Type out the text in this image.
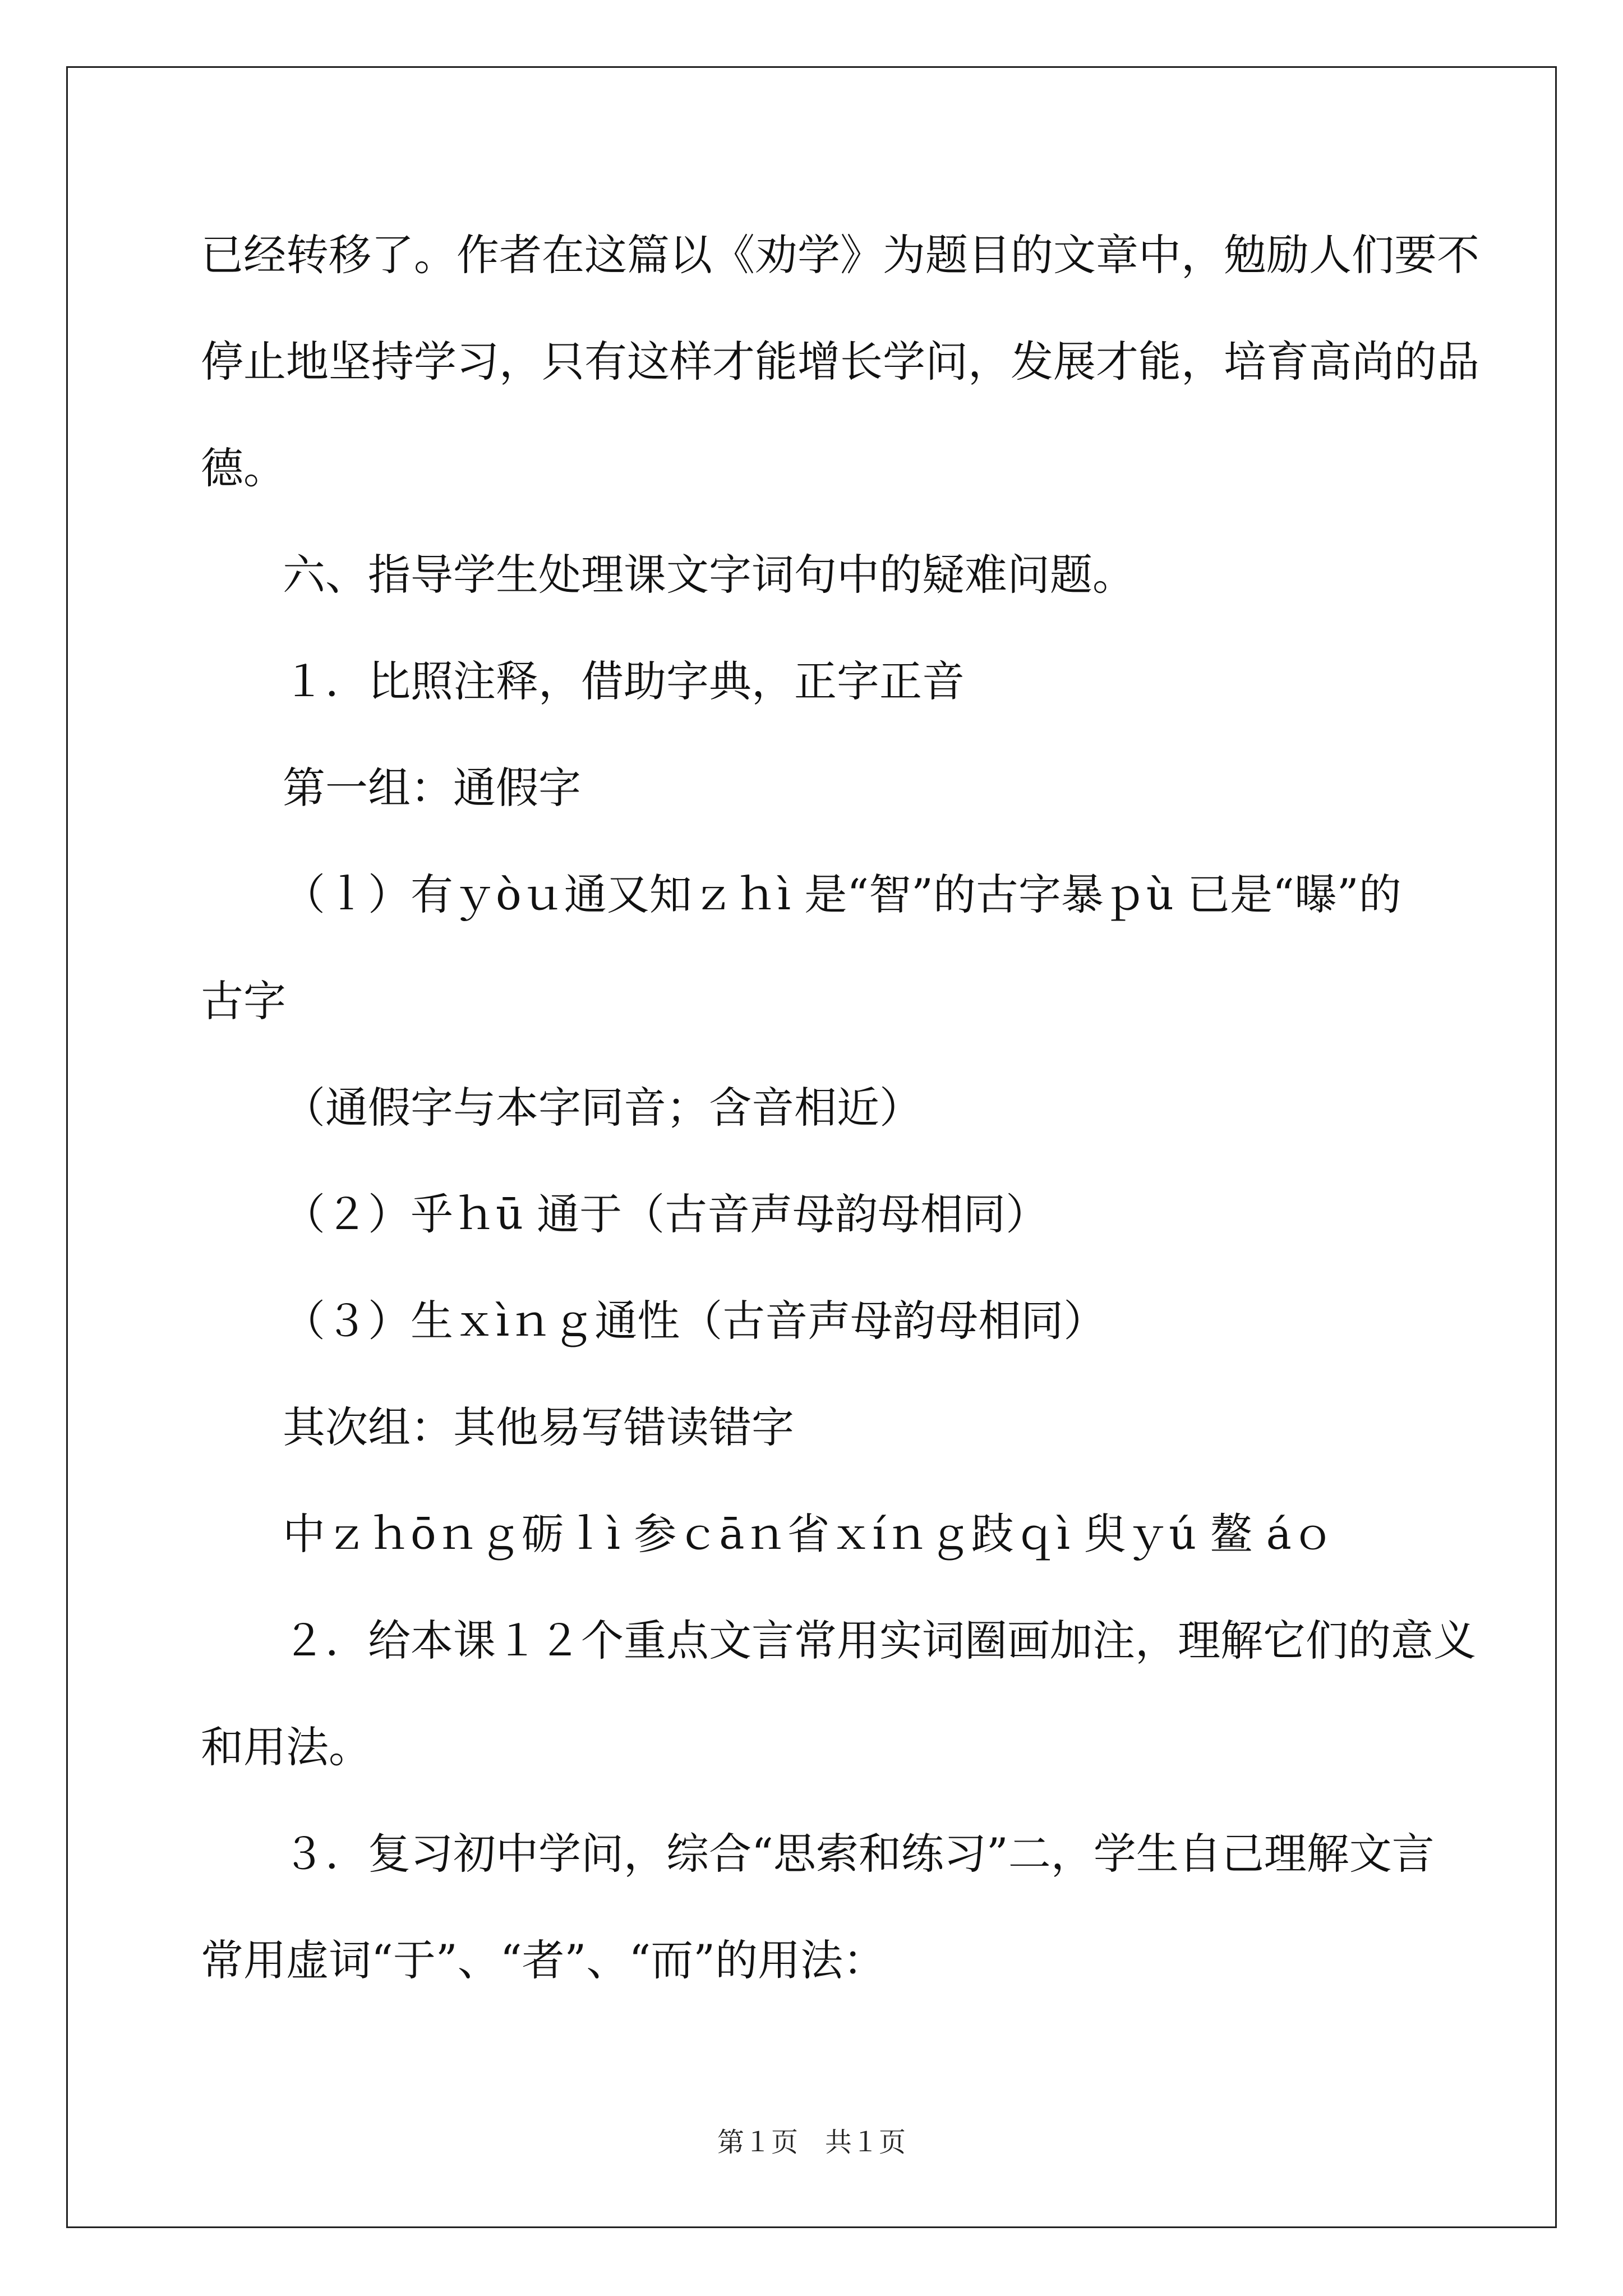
已经转移了。作者在这篇以《劝学》为题目的文章中，勉励人们要不
停止地坚持学习，只有这样才能增长学问，发展才能，培育高尚的品
德。
六、指导学生处理课文字词句中的疑难问题。
１．比照注释，借助字典，正字正音
第一组：通假字
（ｌ）有ｙòｕ通又知ｚｈì 是“智”的古字暴ｐù 已是“曝”的
古字
（通假字与本字同音；含音相近）
（２）乎ｈū 通于（古音声母韵母相同）
（３）生ｘìｎｇ通性（古音声母韵母相同）
其次组：其他易写错读错字
中ｚｈōｎｇ砺ｌì 参ｃāｎ省ｘíｎｇ跂ｑì 臾ｙú 鳌 áｏ
２．给本课１２个重点文言常用实词圈画加注，理解它们的意义
和用法。
３．复习初中学问，综合“思索和练习”二，学生自己理解文言
常用虚词“于”、“者”、“而”的用法：
第１页　共１页
